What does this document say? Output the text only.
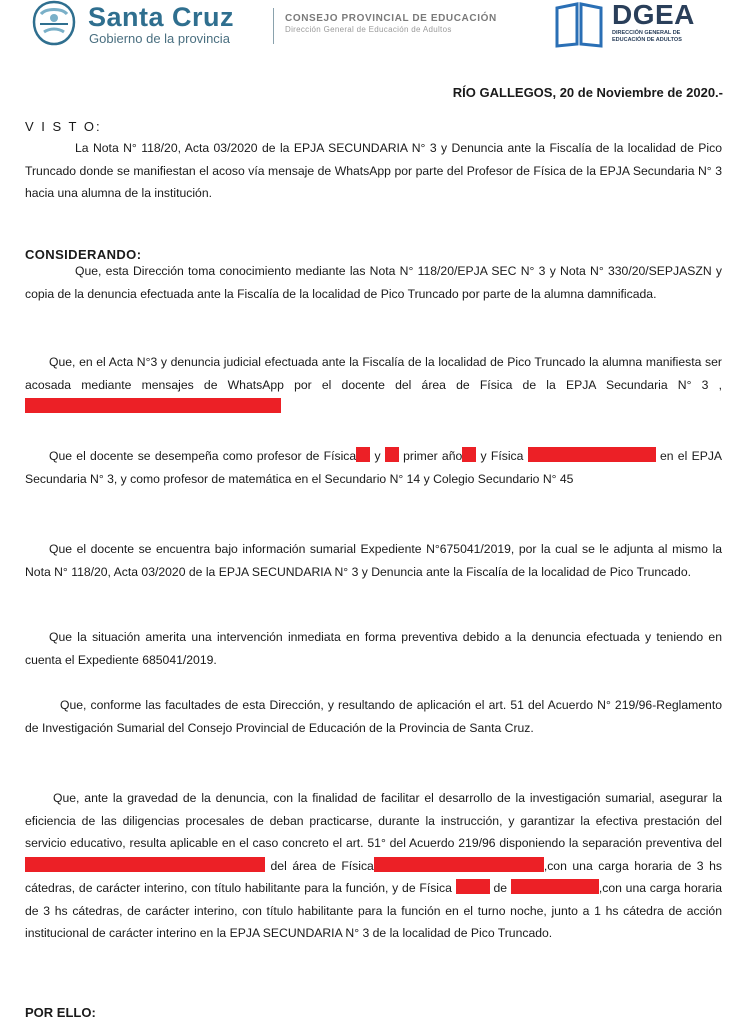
Santa Cruz
Gobierno de la provincia
CONSEJO PROVINCIAL DE EDUCACIÓN
Dirección General de Educación de Adultos	DGEA
DIRECCIÓN GENERAL DE EDUCACIÓN DE ADULTOS
RÍO GALLEGOS, 20 de Noviembre de 2020.-
V I S T O:
La Nota N° 118/20, Acta 03/2020 de la EPJA SECUNDARIA N° 3 y Denuncia ante la Fiscalía de la localidad de Pico Truncado donde se manifiestan el acoso vía mensaje de WhatsApp por parte del Profesor de Física de la EPJA Secundaria N° 3 hacia una alumna de la institución.
CONSIDERANDO:
Que, esta Dirección toma conocimiento mediante las Nota N° 118/20/EPJA SEC N° 3 y Nota N° 330/20/SEPJASZN y copia de la denuncia efectuada ante la Fiscalía de la localidad de Pico Truncado por parte de la alumna damnificada.
Que, en el Acta N°3 y denuncia judicial efectuada ante la Fiscalía de la localidad de Pico Truncado la alumna manifiesta ser acosada mediante mensajes de WhatsApp por el docente del área de Física de la EPJA Secundaria N° 3 ,
Que el docente se desempeña como profesor de Física y primer año y Física	en el EPJA Secundaria N° 3, y como profesor de matemática en el Secundario N° 14 y Colegio Secundario N° 45
Que el docente se encuentra bajo información sumarial Expediente N°675041/2019, por la cual se le adjunta al mismo la Nota N° 118/20, Acta 03/2020 de la EPJA SECUNDARIA N° 3 y Denuncia ante la Fiscalía de la localidad de Pico Truncado.
Que la situación amerita una intervención inmediata en forma preventiva debido a la denuncia efectuada y teniendo en cuenta el Expediente 685041/2019.
Que, conforme las facultades de esta Dirección, y resultando de aplicación el art. 51 del Acuerdo N° 219/96-Reglamento de Investigación Sumarial del Consejo Provincial de Educación de la Provincia de Santa Cruz.
Que, ante la gravedad de la denuncia, con la finalidad de facilitar el desarrollo de la investigación sumarial, asegurar la eficiencia de las diligencias procesales de deban practicarse, durante la instrucción, y garantizar la efectiva prestación del servicio educativo, resulta aplicable en el caso concreto el art. 51° del Acuerdo 219/96 disponiendo la separación preventiva del  del área de Física	,con una carga horaria de 3 hs cátedras, de carácter interino, con título habilitante para la función, y de Física	de	,con una carga horaria de 3 hs cátedras, de carácter interino, con título habilitante para la función en el turno noche, junto a 1 hs cátedra de acción institucional de carácter interino en la EPJA SECUNDARIA N° 3 de la localidad de Pico Truncado.
POR ELLO:
